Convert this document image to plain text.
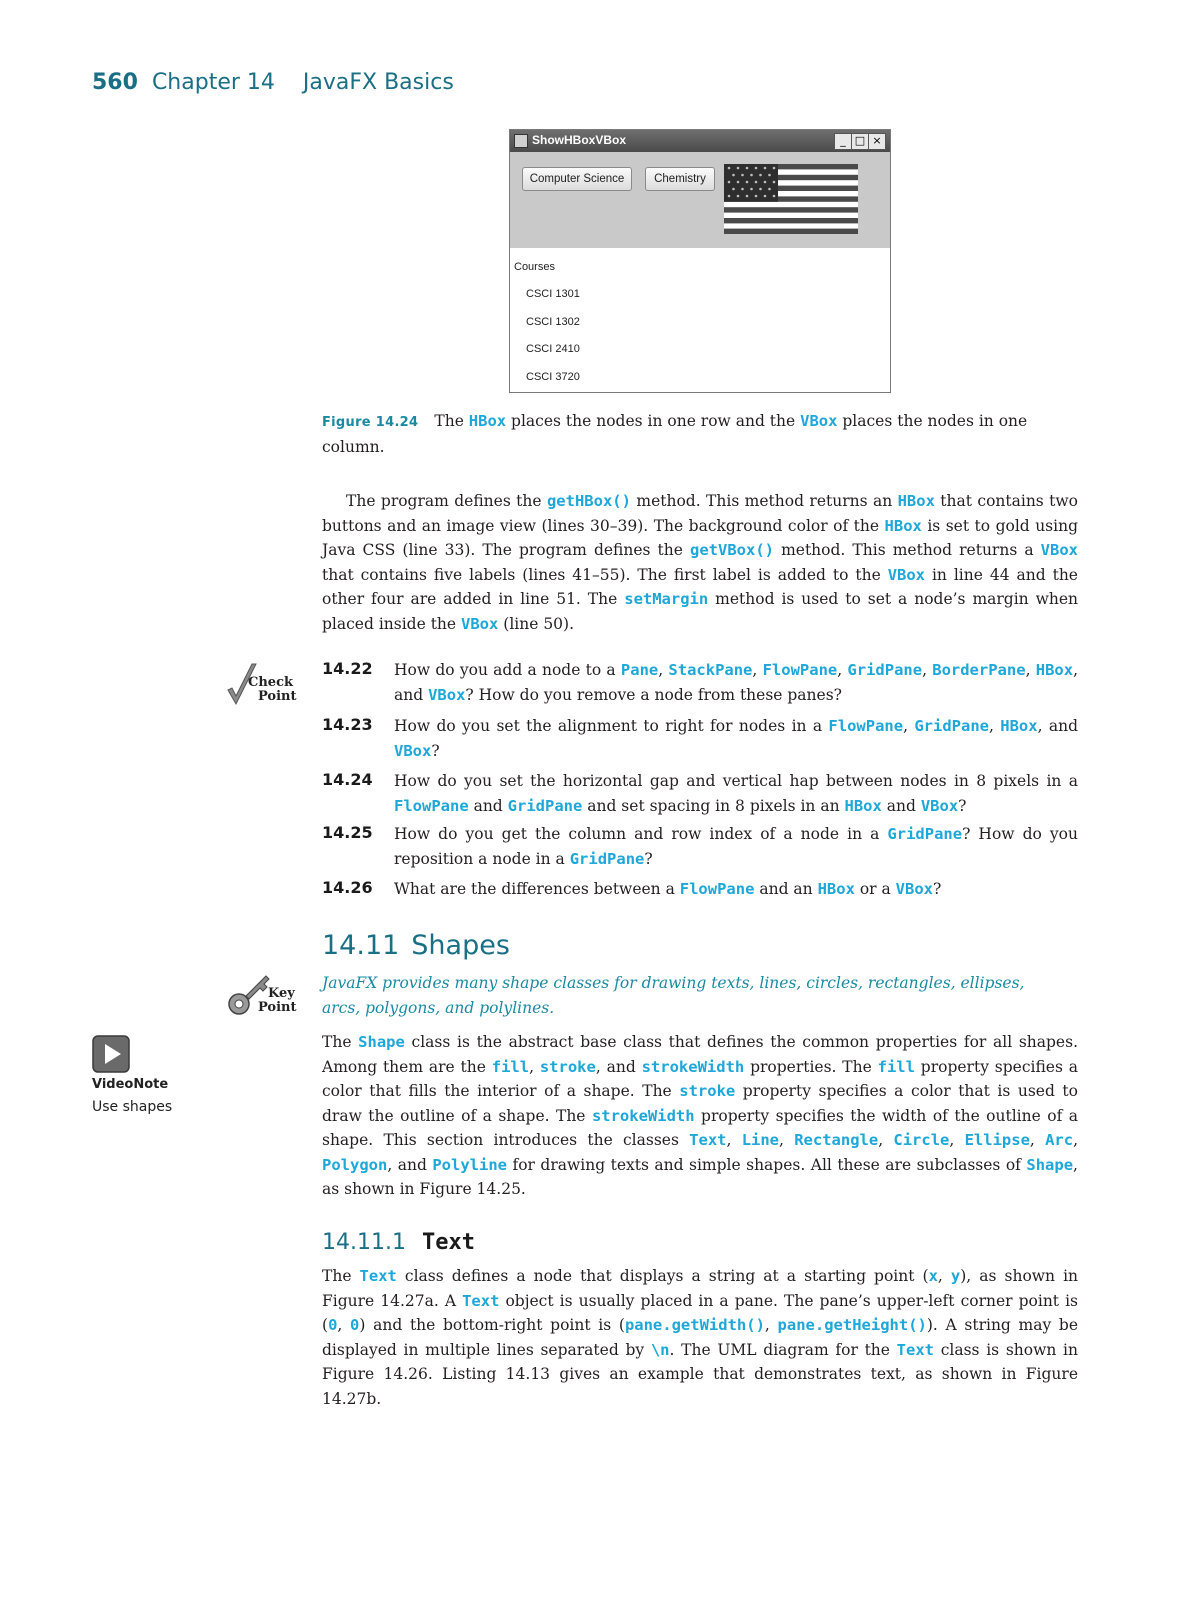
560 Chapter 14 JavaFX Basics
ShowHBoxVBox	_ □ ×
Computer Science	Chemistry
Courses
CSCI 1301
CSCI 1302
CSCI 2410
CSCI 3720
Figure 14.24 The HBox places the nodes in one row and the VBox places the nodes in one column.
The program defines the getHBox() method. This method returns an HBox that contains two buttons and an image view (lines 30–39). The background color of the HBox is set to gold using Java CSS (line 33). The program defines the getVBox() method. This method returns a VBox that contains five labels (lines 41–55). The first label is added to the VBox in line 44 and the other four are added in line 51. The setMargin method is used to set a node’s margin when placed inside the VBox (line 50).
Check
Point
14.22 How do you add a node to a Pane, StackPane, FlowPane, GridPane, BorderPane, HBox, and VBox? How do you remove a node from these panes?
14.23 How do you set the alignment to right for nodes in a FlowPane, GridPane, HBox, and VBox?
14.24 How do you set the horizontal gap and vertical hap between nodes in 8 pixels in a FlowPane and GridPane and set spacing in 8 pixels in an HBox and VBox?
14.25 How do you get the column and row index of a node in a GridPane? How do you reposition a node in a GridPane?
14.26 What are the differences between a FlowPane and an HBox or a VBox?
14.11 Shapes
Key
Point
JavaFX provides many shape classes for drawing texts, lines, circles, rectangles, ellipses, arcs, polygons, and polylines.
VideoNote
Use shapes
The Shape class is the abstract base class that defines the common properties for all shapes. Among them are the fill, stroke, and strokeWidth properties. The fill property specifies a color that fills the interior of a shape. The stroke property specifies a color that is used to draw the outline of a shape. The strokeWidth property specifies the width of the outline of a shape. This section introduces the classes Text, Line, Rectangle, Circle, Ellipse, Arc, Polygon, and Polyline for drawing texts and simple shapes. All these are subclasses of Shape, as shown in Figure 14.25.
14.11.1 Text
The Text class defines a node that displays a string at a starting point (x, y), as shown in Figure 14.27a. A Text object is usually placed in a pane. The pane’s upper-left corner point is (0, 0) and the bottom-right point is (pane.getWidth(), pane.getHeight()). A string may be displayed in multiple lines separated by \n. The UML diagram for the Text class is shown in Figure 14.26. Listing 14.13 gives an example that demonstrates text, as shown in Figure 14.27b.
